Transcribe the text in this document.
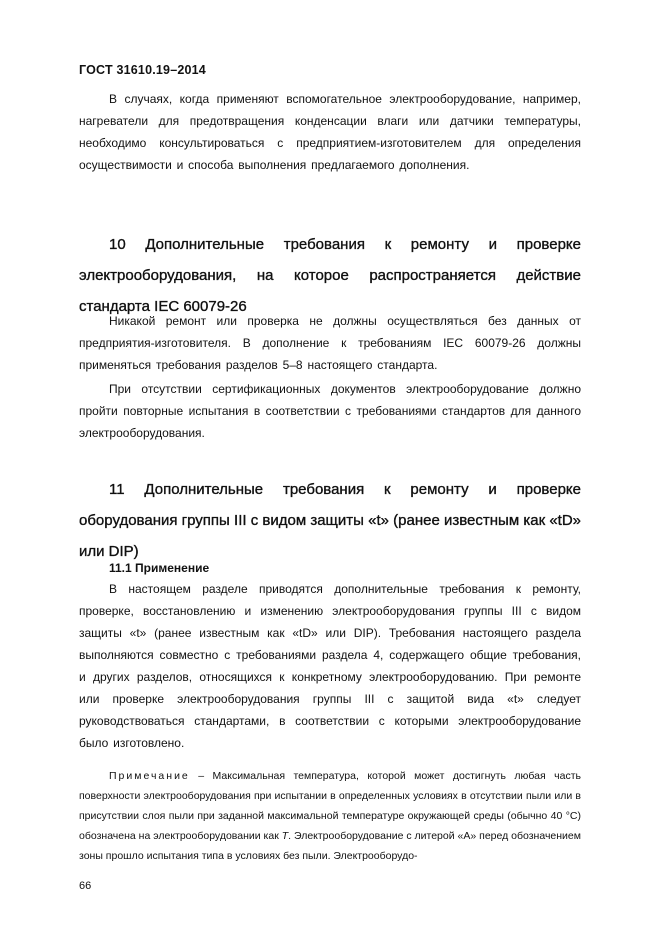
ГОСТ 31610.19–2014
В случаях, когда применяют вспомогательное электрооборудование, например, нагреватели для предотвращения конденсации влаги или датчики температуры, необходимо консультироваться с предприятием-изготовителем для определения осуществимости и способа выполнения предлагаемого дополнения.
10 Дополнительные требования к ремонту и проверке электрооборудования, на которое распространяется действие стандарта IEC 60079-26
Никакой ремонт или проверка не должны осуществляться без данных от предприятия-изготовителя. В дополнение к требованиям IEC 60079-26 должны применяться требования разделов 5–8 настоящего стандарта.
При отсутствии сертификационных документов электрооборудование должно пройти повторные испытания в соответствии с требованиями стандартов для данного электрооборудования.
11 Дополнительные требования к ремонту и проверке оборудования группы III с видом защиты «t» (ранее известным как «tD» или DIP)
11.1 Применение
В настоящем разделе приводятся дополнительные требования к ремонту, проверке, восстановлению и изменению электрооборудования группы III с видом защиты «t» (ранее известным как «tD» или DIP). Требования настоящего раздела выполняются совместно с требованиями раздела 4, содержащего общие требования, и других разделов, относящихся к конкретному электрооборудованию. При ремонте или проверке электрооборудования группы III с защитой вида «t» следует руководствоваться стандартами, в соответствии с которыми электрооборудование было изготовлено.
Примечание – Максимальная температура, которой может достигнуть любая часть поверхности электрооборудования при испытании в определенных условиях в отсутствии пыли или в присутствии слоя пыли при заданной максимальной температуре окружающей среды (обычно 40 °С) обозначена на электрооборудовании как T. Электрооборудование с литерой «А» перед обозначением зоны прошло испытания типа в условиях без пыли. Электрооборудо-
66
